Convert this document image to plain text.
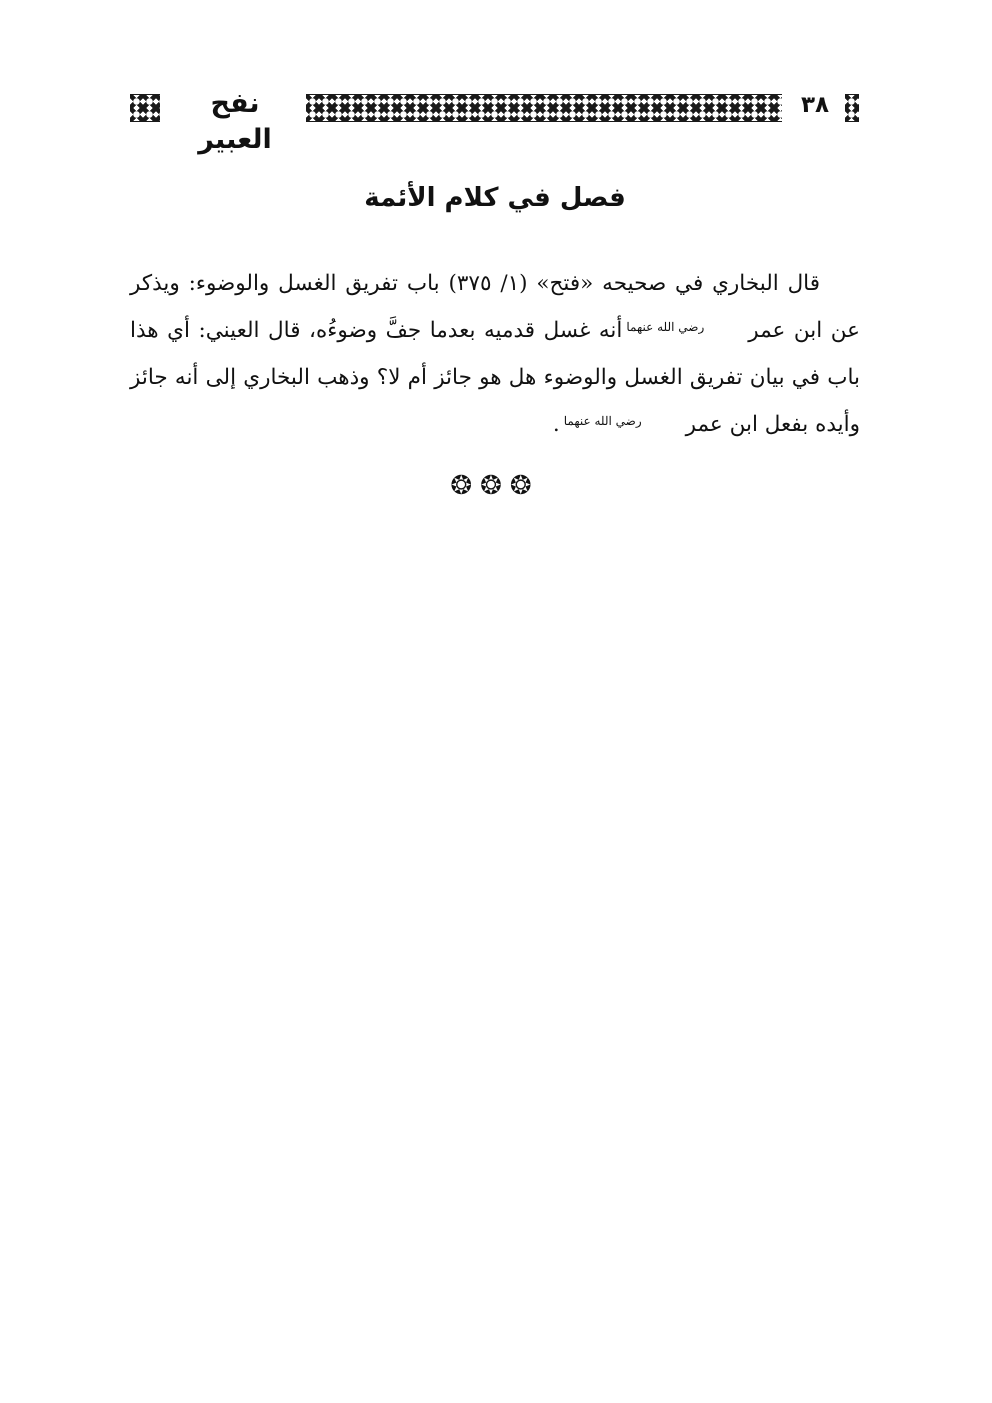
نفح العبير
٣٨
فصل في كلام الأئمة

قال البخاري في صحيحه «فتح» (١/ ٣٧٥) باب تفريق الغسل والوضوء: ويذكر عن ابن عمررضي الله عنهماأنه غسل قدميه بعدما جفَّ وضوءُه، قال العيني: أي هذا باب في بيان تفريق الغسل والوضوء هل هو جائز أم لا؟ وذهب البخاري إلى أنه جائز وأيده بفعل ابن عمررضي الله عنهما.

❂❂❂
